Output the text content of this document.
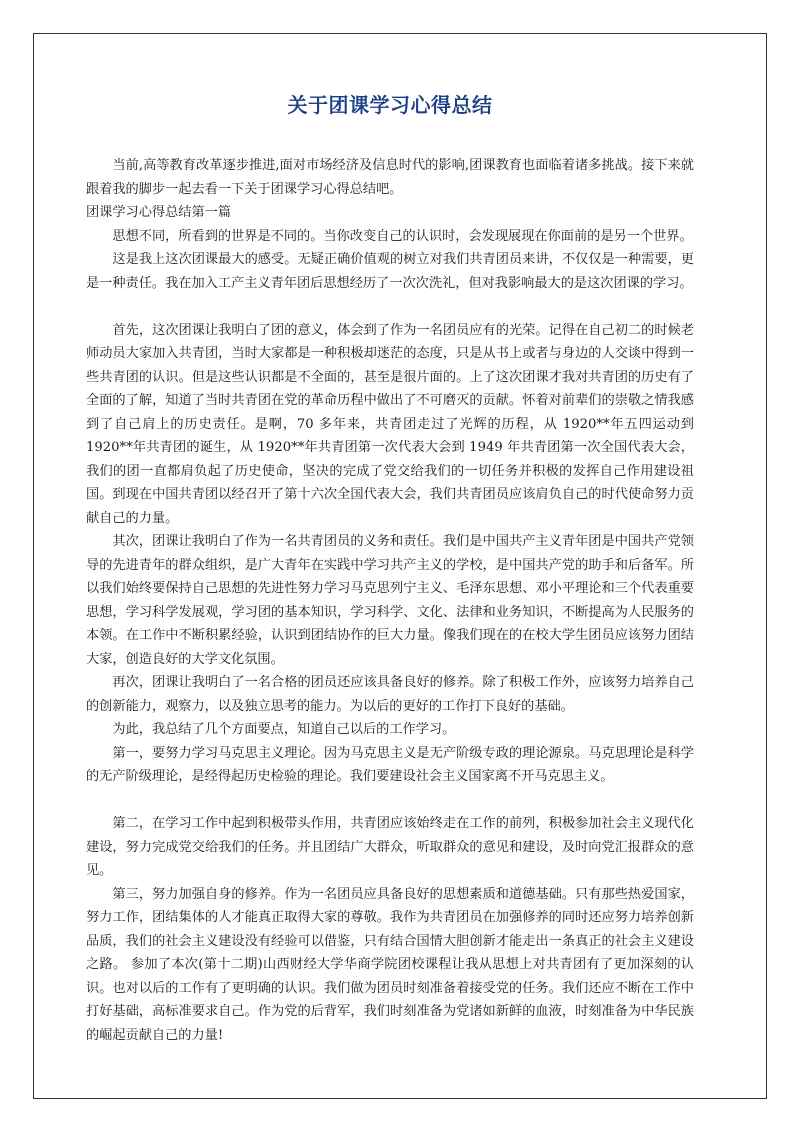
关于团课学习心得总结

当前,高等教育改革逐步推进,面对市场经济及信息时代的影响,团课教育也面临着诸多挑战。接下来就跟着我的脚步一起去看一下关于团课学习心得总结吧。

团课学习心得总结第一篇

思想不同，所看到的世界是不同的。当你改变自己的认识时，会发现展现在你面前的是另一个世界。

这是我上这次团课最大的感受。无疑正确价值观的树立对我们共青团员来讲，不仅仅是一种需要，更是一种责任。我在加入工产主义青年团后思想经历了一次次洗礼，但对我影响最大的是这次团课的学习。

首先，这次团课让我明白了团的意义，体会到了作为一名团员应有的光荣。记得在自己初二的时候老师动员大家加入共青团，当时大家都是一种积极却迷茫的态度，只是从书上或者与身边的人交谈中得到一些共青团的认识。但是这些认识都是不全面的，甚至是很片面的。上了这次团课才我对共青团的历史有了全面的了解，知道了当时共青团在党的革命历程中做出了不可磨灭的贡献。怀着对前辈们的崇敬之情我感到了自己肩上的历史责任。是啊，70 多年来，共青团走过了光辉的历程，从 1920**年五四运动到 1920**年共青团的诞生，从 1920**年共青团第一次代表大会到 1949 年共青团第一次全国代表大会，我们的团一直都肩负起了历史使命，坚决的完成了党交给我们的一切任务并积极的发挥自己作用建设祖国。到现在中国共青团以经召开了第十六次全国代表大会，我们共青团员应该肩负自己的时代使命努力贡献自己的力量。

其次，团课让我明白了作为一名共青团员的义务和责任。我们是中国共产主义青年团是中国共产党领导的先进青年的群众组织，是广大青年在实践中学习共产主义的学校，是中国共产党的助手和后备军。所以我们始终要保持自己思想的先进性努力学习马克思列宁主义、毛泽东思想、邓小平理论和三个代表重要思想，学习科学发展观，学习团的基本知识，学习科学、文化、法律和业务知识，不断提高为人民服务的本领。在工作中不断积累经验，认识到团结协作的巨大力量。像我们现在的在校大学生团员应该努力团结大家，创造良好的大学文化氛围。

再次，团课让我明白了一名合格的团员还应该具备良好的修养。除了积极工作外，应该努力培养自己的创新能力，观察力，以及独立思考的能力。为以后的更好的工作打下良好的基础。

为此，我总结了几个方面要点，知道自己以后的工作学习。

第一，要努力学习马克思主义理论。因为马克思主义是无产阶级专政的理论源泉。马克思理论是科学的无产阶级理论，是经得起历史检验的理论。我们要建设社会主义国家离不开马克思主义。

第二，在学习工作中起到积极带头作用，共青团应该始终走在工作的前列，积极参加社会主义现代化建设，努力完成党交给我们的任务。并且团结广大群众，听取群众的意见和建设，及时向党汇报群众的意见。

第三，努力加强自身的修养。作为一名团员应具备良好的思想素质和道德基础。只有那些热爱国家，努力工作，团结集体的人才能真正取得大家的尊敬。我作为共青团员在加强修养的同时还应努力培养创新品质，我们的社会主义建设没有经验可以借鉴，只有结合国情大胆创新才能走出一条真正的社会主义建设之路。 参加了本次(第十二期)山西财经大学华商学院团校课程让我从思想上对共青团有了更加深刻的认识。也对以后的工作有了更明确的认识。我们做为团员时刻准备着接受党的任务。我们还应不断在工作中打好基础，高标准要求自己。作为党的后背军，我们时刻准备为党诸如新鲜的血液，时刻准备为中华民族的崛起贡献自己的力量!
